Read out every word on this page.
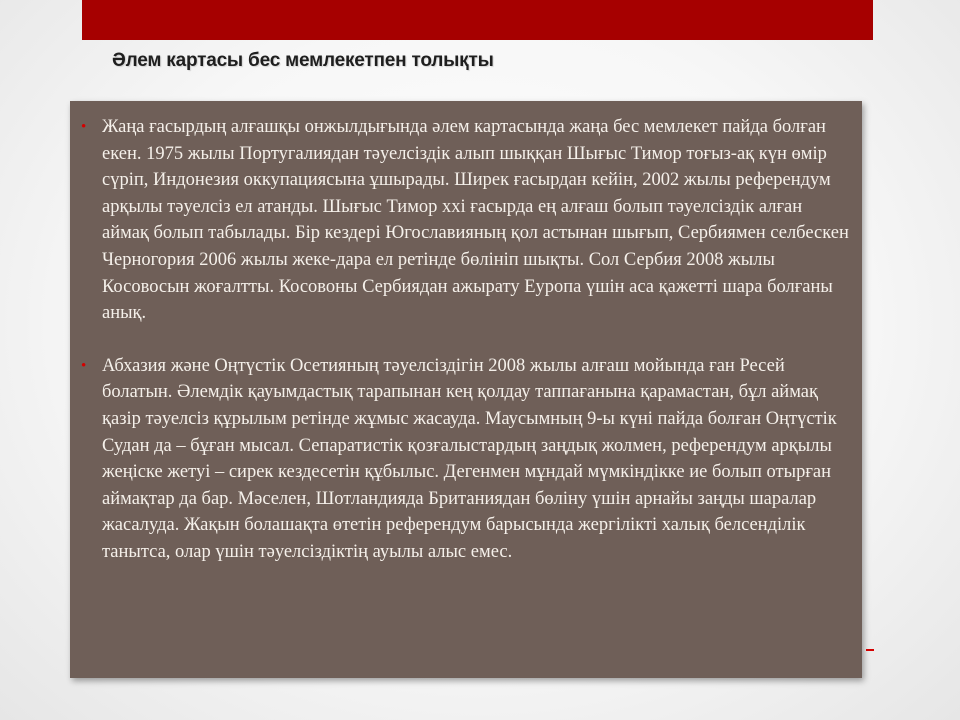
Әлем картасы бес мемлекетпен толықты

• Жаңа ғасырдың алғашқы онжылдығында әлем картасында жаңа бес мемлекет пайда болған екен. 1975 жылы Португалиядан тәуелсіздік алып шыққан Шығыс Тимор тоғыз-ақ күн өмір сүріп, Индонезия оккупациясына ұшырады. Ширек ғасырдан кейін, 2002 жылы референдум арқылы тәуелсіз ел атанды. Шығыс Тимор ххі ғасырда ең алғаш болып тәуелсіздік алған аймақ болып табылады. Бір кездері Югославияның қол астынан шығып, Сербиямен селбескен Черногория 2006 жылы жеке-дара ел ретінде бөлініп шықты. Сол Сербия 2008 жылы Косовосын жоғалтты. Косовоны Сербиядан ажырату Еуропа үшін аса қажетті шара болғаны анық.

• Абхазия және Оңтүстік Осетияның тәуелсіздігін 2008 жылы алғаш мойында ған Ресей болатын. Әлемдік қауымдастық тарапынан кең қолдау таппағанына қарамастан, бұл аймақ қазір тәуелсіз құрылым ретінде жұмыс жасауда. Маусымның 9-ы күні пайда болған Оңтүстік Судан да – бұған мысал. Сепаратистік қозғалыстардың заңдық жолмен, референдум арқылы жеңіске жетуі – сирек кездесетін құбылыс. Дегенмен мұндай мүмкіндікке ие болып отырған аймақтар да бар. Мәселен, Шотландияда Британиядан бөліну үшін арнайы заңды шаралар жасалуда. Жақын болашақта өтетін референдум барысында жергілікті халық белсенділік танытса, олар үшін тәуелсіздіктің ауылы алыс емес.
